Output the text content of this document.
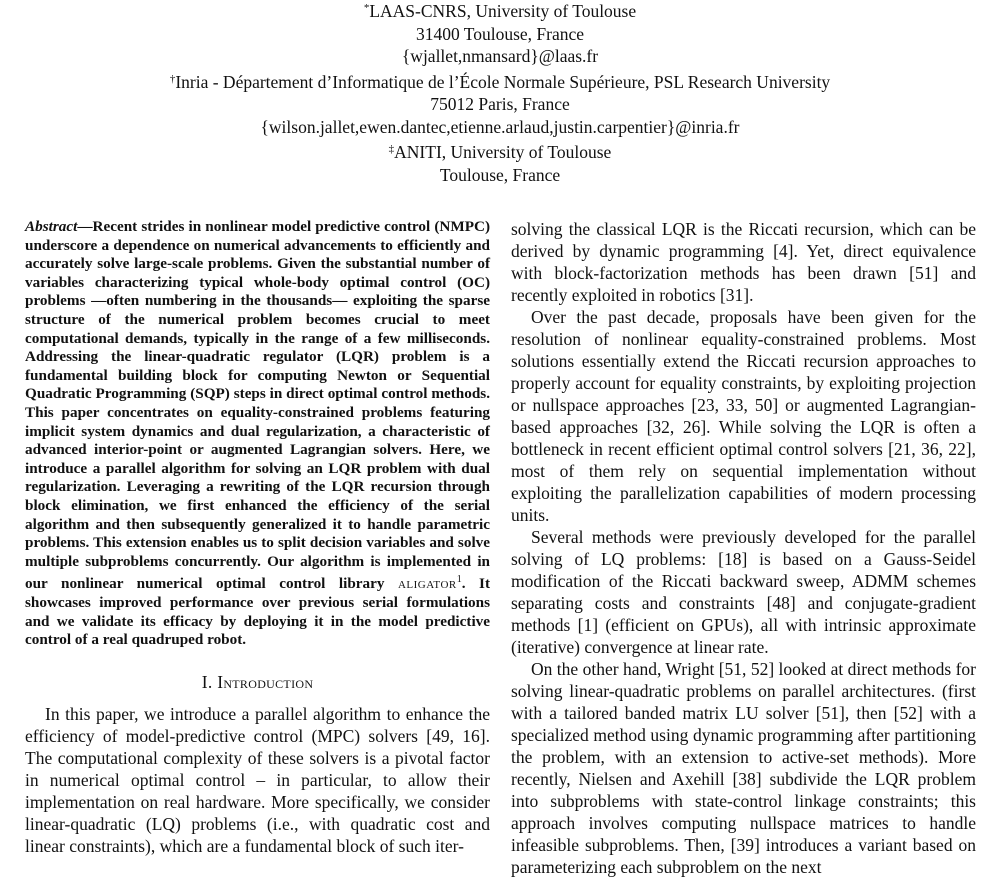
*LAAS-CNRS, University of Toulouse
31400 Toulouse, France
{wjallet,nmansard}@laas.fr
†Inria - Département d’Informatique de l’École Normale Supérieure, PSL Research University
75012 Paris, France
{wilson.jallet,ewen.dantec,etienne.arlaud,justin.carpentier}@inria.fr
‡ANITI, University of Toulouse
Toulouse, France

Abstract—Recent strides in nonlinear model predictive control (NMPC) underscore a dependence on numerical advancements to efficiently and accurately solve large-scale problems. Given the substantial number of variables characterizing typical whole-body optimal control (OC) problems —often numbering in the thousands— exploiting the sparse structure of the numerical problem becomes crucial to meet computational demands, typically in the range of a few milliseconds. Addressing the linear-quadratic regulator (LQR) problem is a fundamental building block for computing Newton or Sequential Quadratic Programming (SQP) steps in direct optimal control methods. This paper concentrates on equality-constrained problems featuring implicit system dynamics and dual regularization, a characteristic of advanced interior-point or augmented Lagrangian solvers. Here, we introduce a parallel algorithm for solving an LQR problem with dual regularization. Leveraging a rewriting of the LQR recursion through block elimination, we first enhanced the efficiency of the serial algorithm and then subsequently generalized it to handle parametric problems. This extension enables us to split decision variables and solve multiple subproblems concurrently. Our algorithm is implemented in our nonlinear numerical optimal control library aligator$^1$. It showcases improved performance over previous serial formulations and we validate its efficacy by deploying it in the model predictive control of a real quadruped robot.

I. Introduction

In this paper, we introduce a parallel algorithm to enhance the efficiency of model-predictive control (MPC) solvers [49, 16]. The computational complexity of these solvers is a pivotal factor in numerical optimal control – in particular, to allow their implementation on real hardware. More specifically, we consider linear-quadratic (LQ) problems (i.e., with quadratic cost and linear constraints), which are a fundamental block of such iter-

solving the classical LQR is the Riccati recursion, which can be derived by dynamic programming [4]. Yet, direct equivalence with block-factorization methods has been drawn [51] and recently exploited in robotics [31].

Over the past decade, proposals have been given for the resolution of nonlinear equality-constrained problems. Most solutions essentially extend the Riccati recursion approaches to properly account for equality constraints, by exploiting projection or nullspace approaches [23, 33, 50] or augmented Lagrangian-based approaches [32, 26]. While solving the LQR is often a bottleneck in recent efficient optimal control solvers [21, 36, 22], most of them rely on sequential implementation without exploiting the parallelization capabilities of modern processing units.

Several methods were previously developed for the parallel solving of LQ problems: [18] is based on a Gauss-Seidel modification of the Riccati backward sweep, ADMM schemes separating costs and constraints [48] and conjugate-gradient methods [1] (efficient on GPUs), all with intrinsic approximate (iterative) convergence at linear rate.

On the other hand, Wright [51, 52] looked at direct methods for solving linear-quadratic problems on parallel architectures. (first with a tailored banded matrix LU solver [51], then [52] with a specialized method using dynamic programming after partitioning the problem, with an extension to active-set methods). More recently, Nielsen and Axehill [38] subdivide the LQR problem into subproblems with state-control linkage constraints; this approach involves computing nullspace matrices to handle infeasible subproblems. Then, [39] introduces a variant based on parameterizing each subproblem on the next
